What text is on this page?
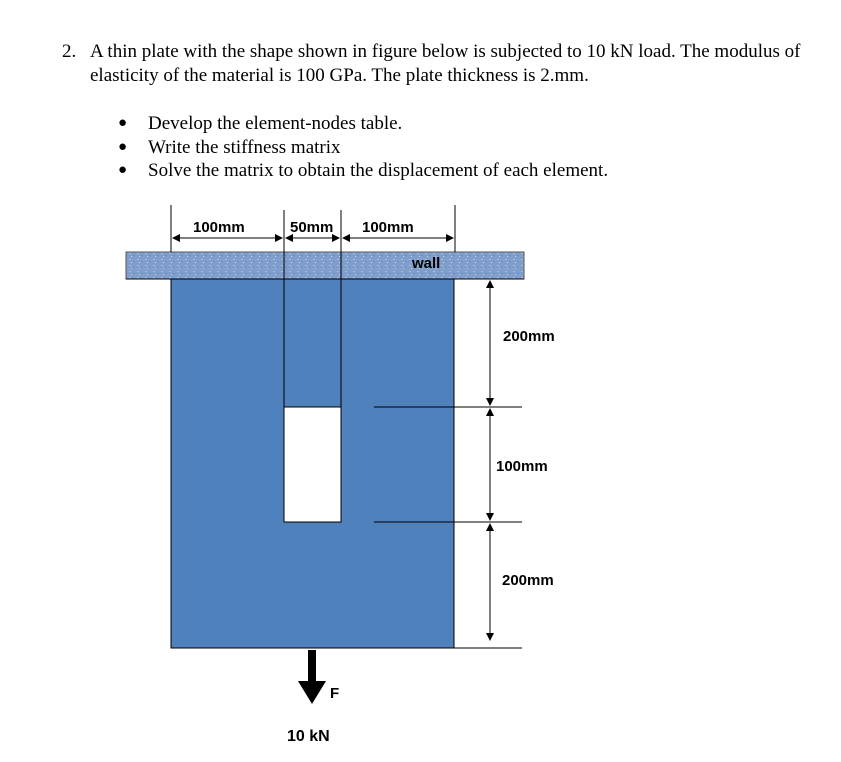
2. A thin plate with the shape shown in figure below is subjected to 10 kN load. The modulus of elasticity of the material is 100 GPa. The plate thickness is 2.mm.
● Develop the element-nodes table.
● Write the stiffness matrix
● Solve the matrix to obtain the displacement of each element.
wall
100mm	50mm 100mm
200mm
100mm
200mm
F
10 kN
